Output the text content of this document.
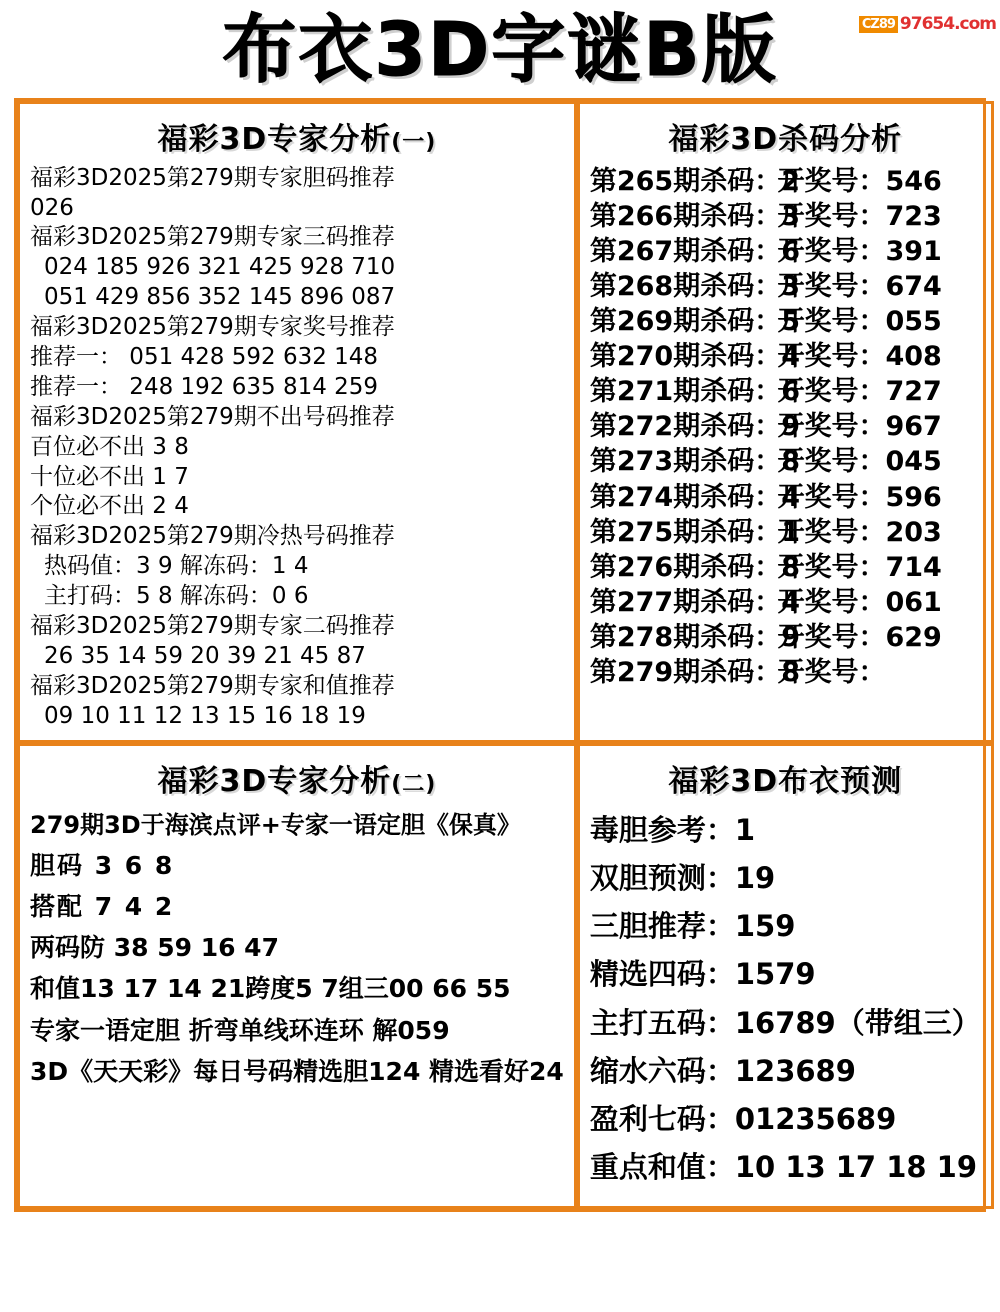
CZ89 97654.com
布衣3D字谜B版
福彩3D专家分析(一)
福彩3D2025第279期专家胆码推荐
026
福彩3D2025第279期专家三码推荐
024 185 926 321 425 928 710
051 429 856 352 145 896 087
福彩3D2025第279期专家奖号推荐
推荐一： 051 428 592 632 148
推荐一： 248 192 635 814 259
福彩3D2025第279期不出号码推荐
百位必不出 3 8
十位必不出 1 7
个位必不出 2 4
福彩3D2025第279期冷热号码推荐
热码值：3 9 解冻码：1 4
主打码：5 8 解冻码：0 6
福彩3D2025第279期专家二码推荐
26 35 14 59 20 39 21 45 87
福彩3D2025第279期专家和值推荐
09 10 11 12 13 15 16 18 19
福彩3D杀码分析
第265期杀码：2
开奖号：546
第266期杀码：3
开奖号：723
第267期杀码：6
开奖号：391
第268期杀码：3
开奖号：674
第269期杀码：5
开奖号：055
第270期杀码：4
开奖号：408
第271期杀码：6
开奖号：727
第272期杀码：9
开奖号：967
第273期杀码：8
开奖号：045
第274期杀码：4
开奖号：596
第275期杀码：1
开奖号：203
第276期杀码：8
开奖号：714
第277期杀码：4
开奖号：061
第278期杀码：9
开奖号：629
第279期杀码：8
开奖号：
福彩3D专家分析(二)
279期3D于海滨点评+专家一语定胆《保真》
胆码 3 6 8
搭配 7 4 2
两码防 38 59 16 47
和值13 17 14 21跨度5 7组三00 66 55
专家一语定胆 折弯单线环连环 解059
3D《天天彩》每日号码精选胆124 精选看好24
福彩3D布衣预测
毒胆参考：1
双胆预测：19
三胆推荐：159
精选四码：1579
主打五码：16789（带组三）
缩水六码：123689
盈利七码：01235689
重点和值：10 13 17 18 19
